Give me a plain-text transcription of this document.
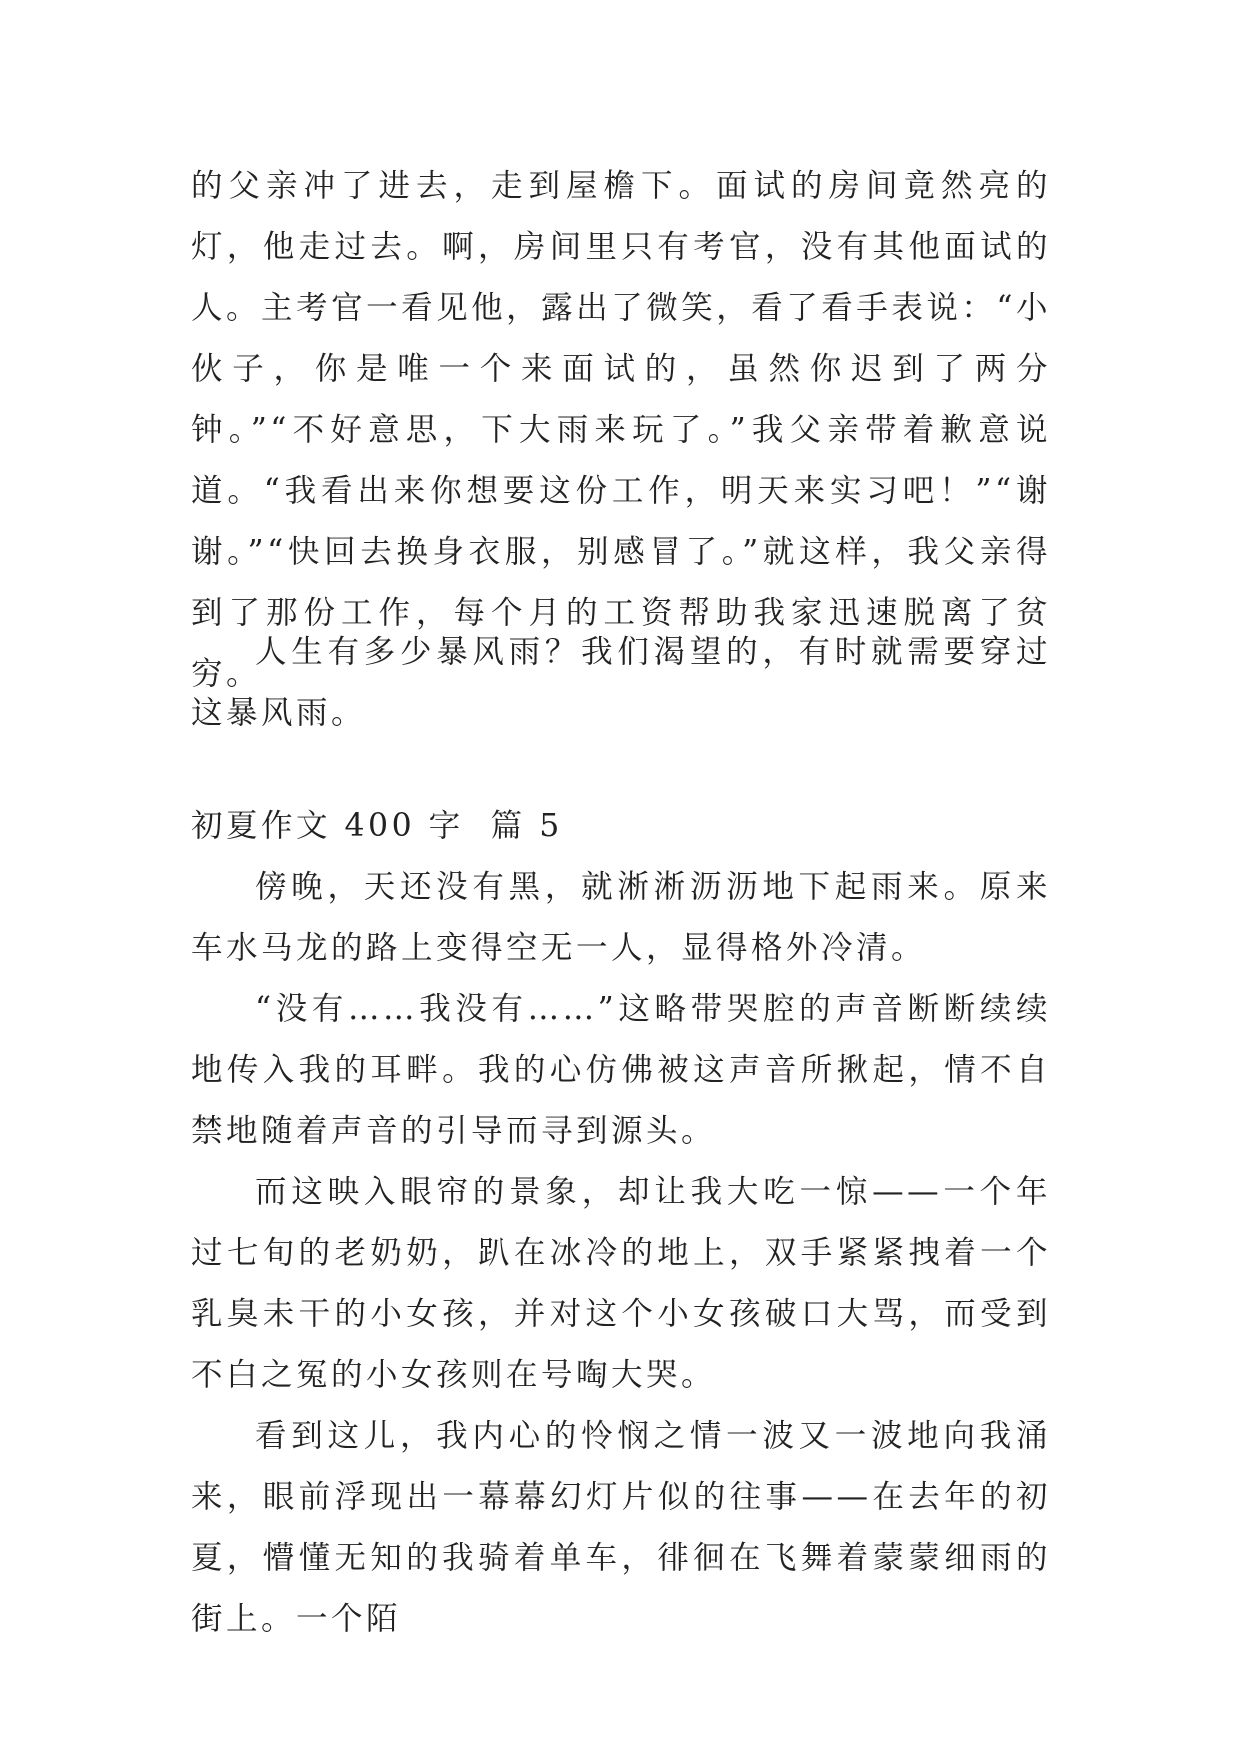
的父亲冲了进去，走到屋檐下。面试的房间竟然亮的灯，他走过去。啊，房间里只有考官，没有其他面试的人。主考官一看见他，露出了微笑，看了看手表说：“小伙子，你是唯一个来面试的，虽然你迟到了两分钟。”“不好意思，下大雨来玩了。”我父亲带着歉意说道。“我看出来你想要这份工作，明天来实习吧！”“谢谢。”“快回去换身衣服，别感冒了。”就这样，我父亲得到了那份工作，每个月的工资帮助我家迅速脱离了贫穷。

人生有多少暴风雨？我们渴望的，有时就需要穿过这暴风雨。

初夏作文 400 字  篇 5

傍晚，天还没有黑，就淅淅沥沥地下起雨来。原来车水马龙的路上变得空无一人，显得格外冷清。

“没有……我没有……”这略带哭腔的声音断断续续地传入我的耳畔。我的心仿佛被这声音所揪起，情不自禁地随着声音的引导而寻到源头。

而这映入眼帘的景象，却让我大吃一惊——一个年过七旬的老奶奶，趴在冰冷的地上，双手紧紧拽着一个乳臭未干的小女孩，并对这个小女孩破口大骂，而受到不白之冤的小女孩则在号啕大哭。

看到这儿，我内心的怜悯之情一波又一波地向我涌来，眼前浮现出一幕幕幻灯片似的往事——在去年的初夏，懵懂无知的我骑着单车，徘徊在飞舞着蒙蒙细雨的街上。一个陌
